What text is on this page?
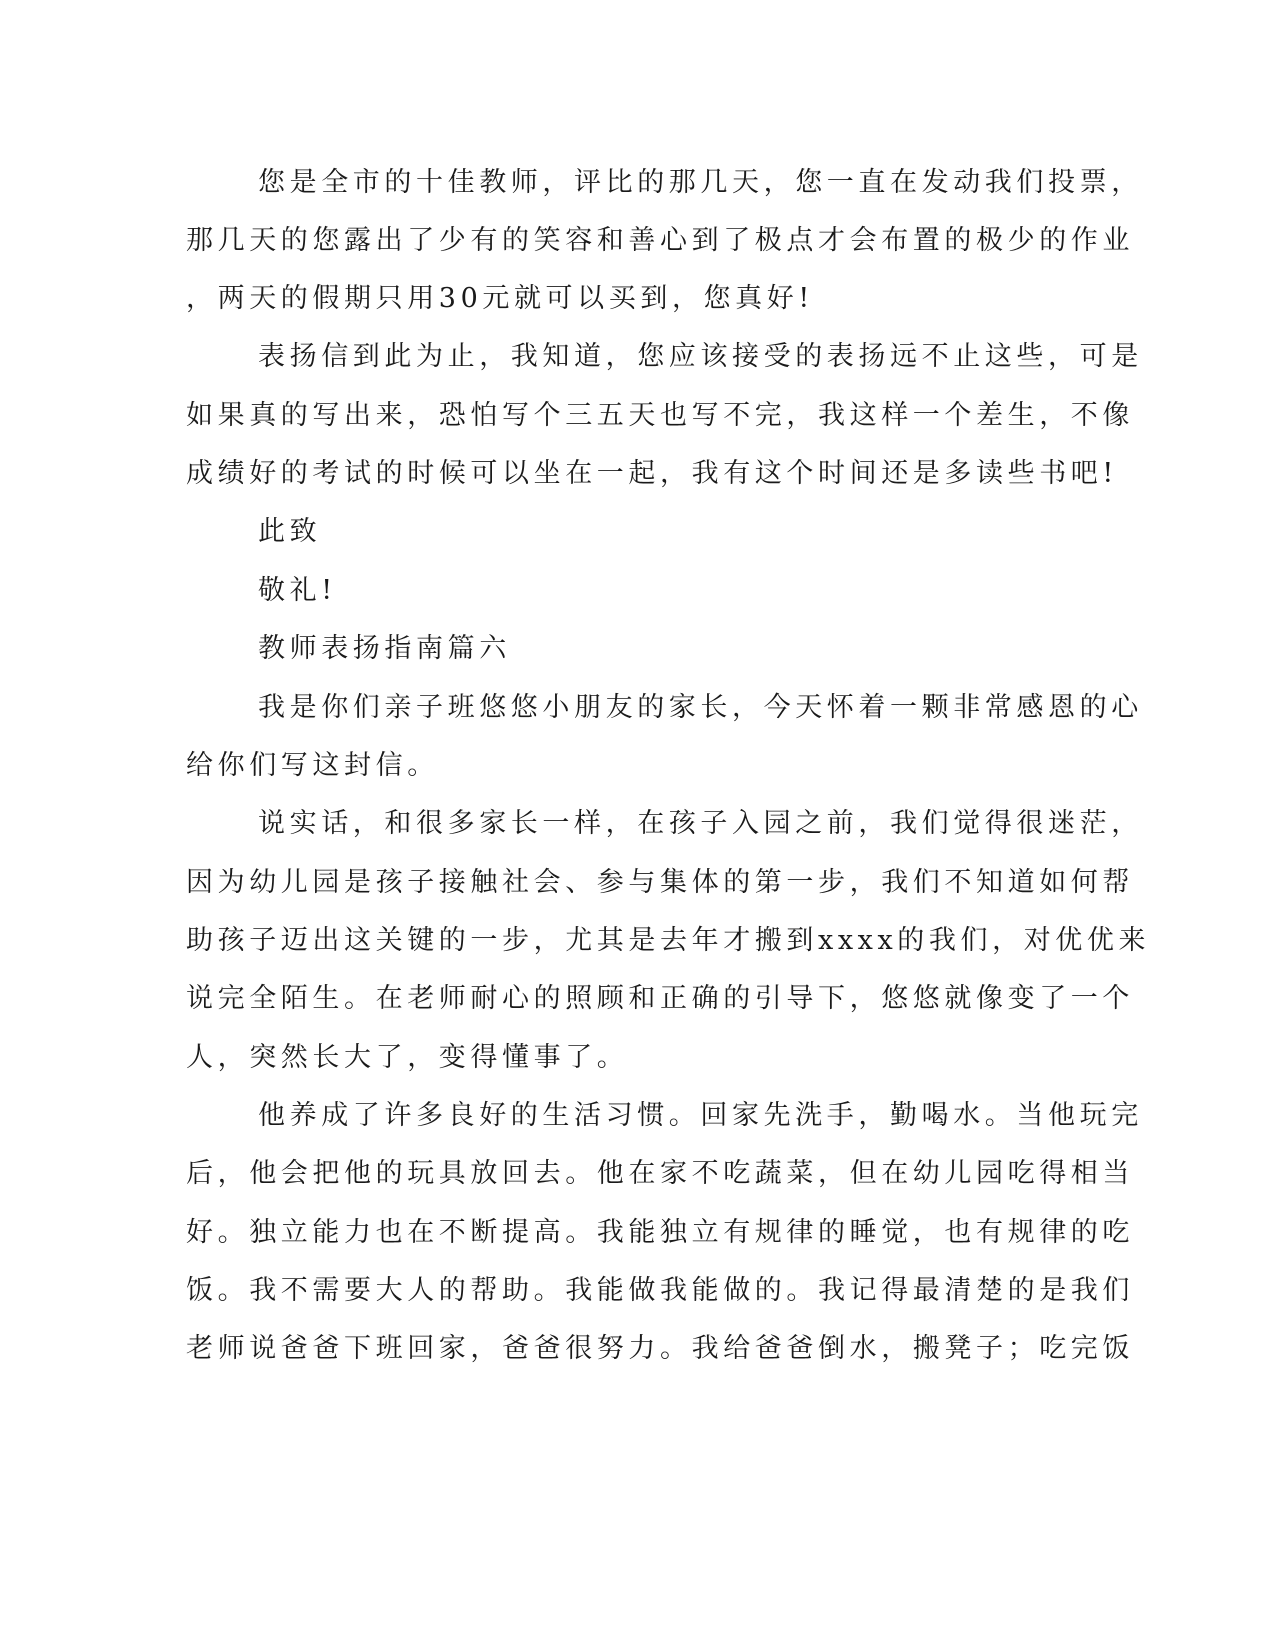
您是全市的十佳教师，评比的那几天，您一直在发动我们投票，
那几天的您露出了少有的笑容和善心到了极点才会布置的极少的作业
，两天的假期只用30元就可以买到，您真好!
表扬信到此为止，我知道，您应该接受的表扬远不止这些，可是
如果真的写出来，恐怕写个三五天也写不完，我这样一个差生，不像
成绩好的考试的时候可以坐在一起，我有这个时间还是多读些书吧!
此致
敬礼!
教师表扬指南篇六
我是你们亲子班悠悠小朋友的家长，今天怀着一颗非常感恩的心
给你们写这封信。
说实话，和很多家长一样，在孩子入园之前，我们觉得很迷茫，
因为幼儿园是孩子接触社会、参与集体的第一步，我们不知道如何帮
助孩子迈出这关键的一步，尤其是去年才搬到xxxx的我们，对优优来
说完全陌生。在老师耐心的照顾和正确的引导下，悠悠就像变了一个
人，突然长大了，变得懂事了。
他养成了许多良好的生活习惯。回家先洗手，勤喝水。当他玩完
后，他会把他的玩具放回去。他在家不吃蔬菜，但在幼儿园吃得相当
好。独立能力也在不断提高。我能独立有规律的睡觉，也有规律的吃
饭。我不需要大人的帮助。我能做我能做的。我记得最清楚的是我们
老师说爸爸下班回家，爸爸很努力。我给爸爸倒水，搬凳子；吃完饭
